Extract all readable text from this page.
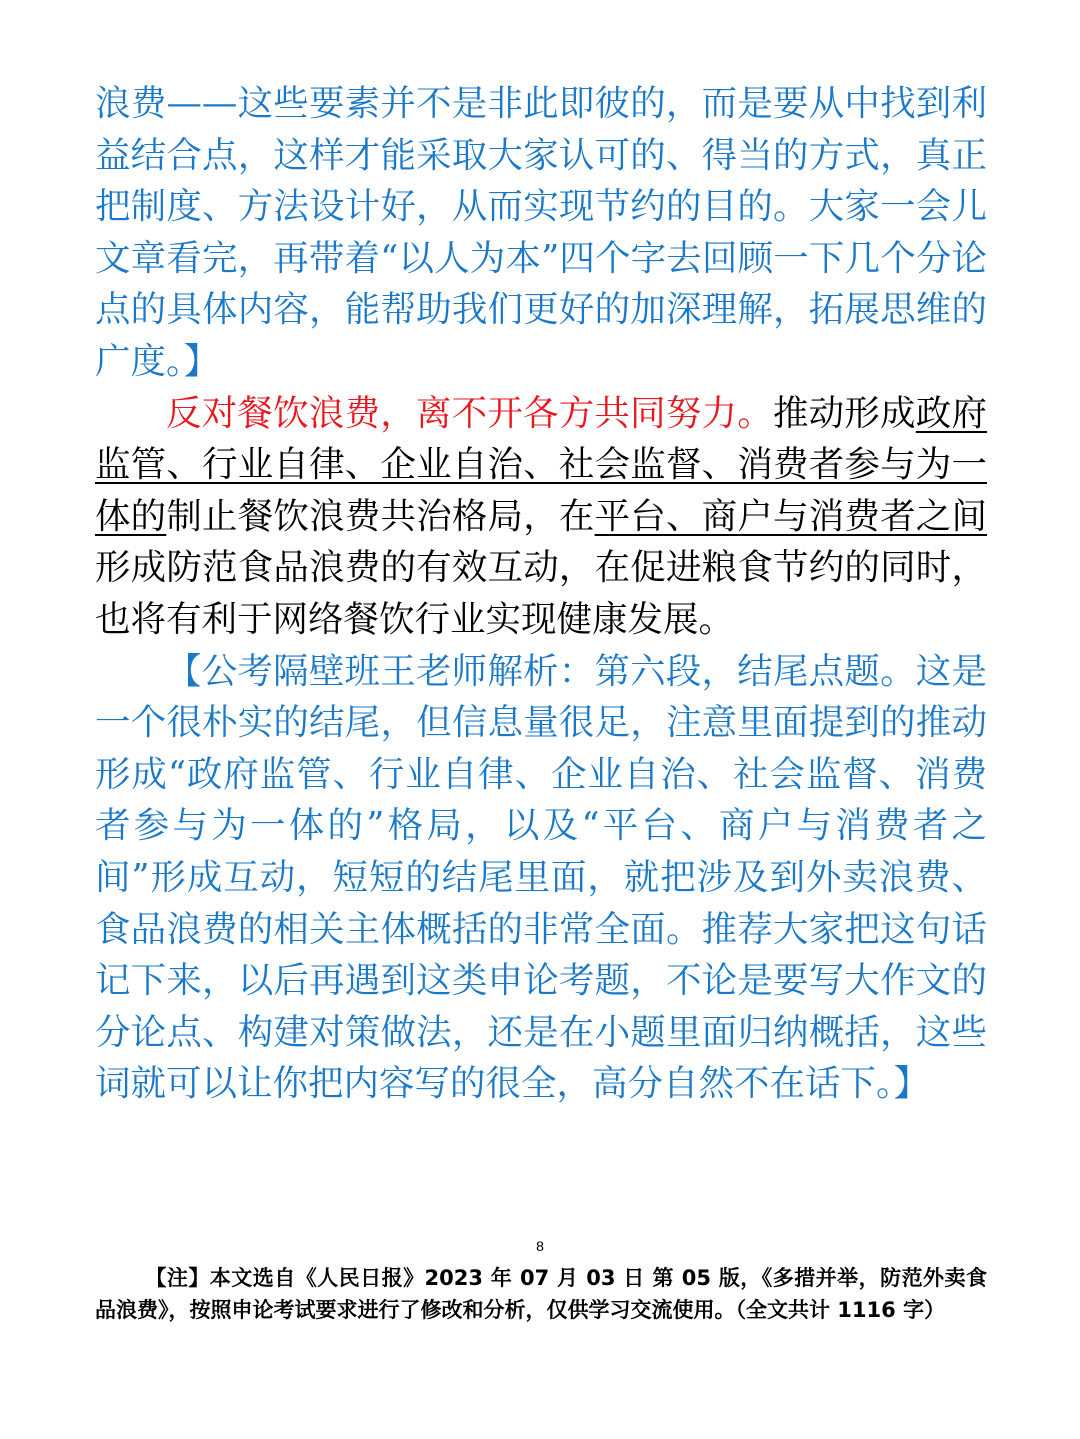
浪费——这些要素并不是非此即彼的，而是要从中找到利益结合点，这样才能采取大家认可的、得当的方式，真正把制度、方法设计好，从而实现节约的目的。大家一会儿文章看完，再带着“以人为本”四个字去回顾一下几个分论点的具体内容，能帮助我们更好的加深理解，拓展思维的广度。】

反对餐饮浪费，离不开各方共同努力。推动形成政府监管、行业自律、企业自治、社会监督、消费者参与为一体的制止餐饮浪费共治格局，在平台、商户与消费者之间形成防范食品浪费的有效互动，在促进粮食节约的同时，也将有利于网络餐饮行业实现健康发展。

【公考隔壁班王老师解析：第六段，结尾点题。这是一个很朴实的结尾，但信息量很足，注意里面提到的推动形成“政府监管、行业自律、企业自治、社会监督、消费者参与为一体的”格局，以及“平台、商户与消费者之间”形成互动，短短的结尾里面，就把涉及到外卖浪费、食品浪费的相关主体概括的非常全面。推荐大家把这句话记下来，以后再遇到这类申论考题，不论是要写大作文的分论点、构建对策做法，还是在小题里面归纳概括，这些词就可以让你把内容写的很全，高分自然不在话下。】

8

【注】本文选自《人民日报》2023 年 07 月 03 日 第 05 版，《多措并举，防范外卖食品浪费》，按照申论考试要求进行了修改和分析，仅供学习交流使用。（全文共计 1116 字）
